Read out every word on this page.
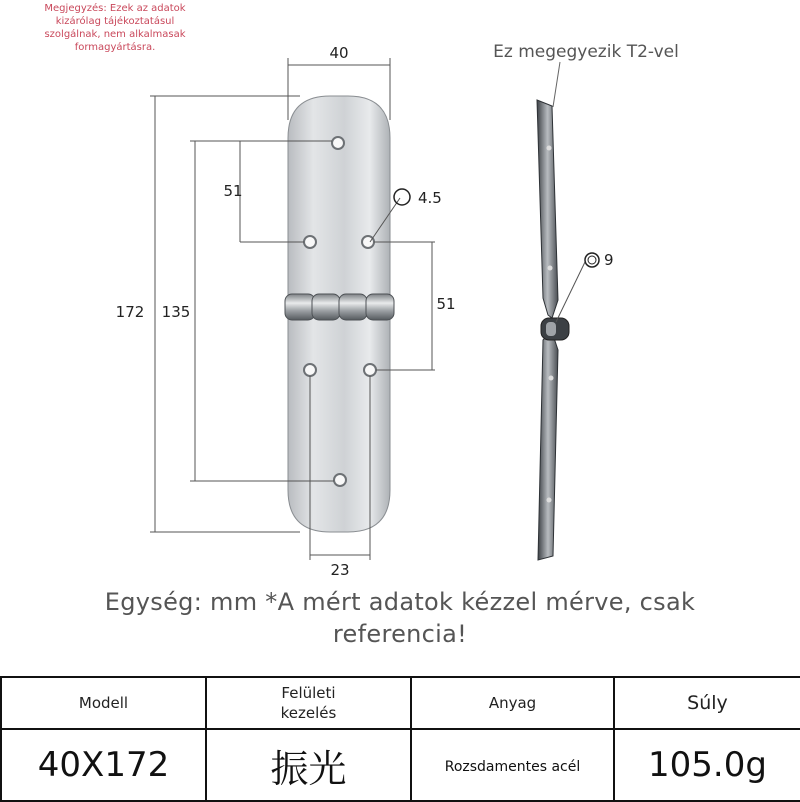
Megjegyzés: Ezek az adatok kizárólag tájékoztatásul szolgálnak, nem alkalmasak formagyártásra.	40
51	4.5
172 135	51
23
Ez megegyezik T2-vel
9
Egység: mm *A mért adatok kézzel mérve, csak
referencia!
Modell	Felületi kezelés	Anyag	Súly
40X172	振光	Rozsdamentes acél	105.0g
